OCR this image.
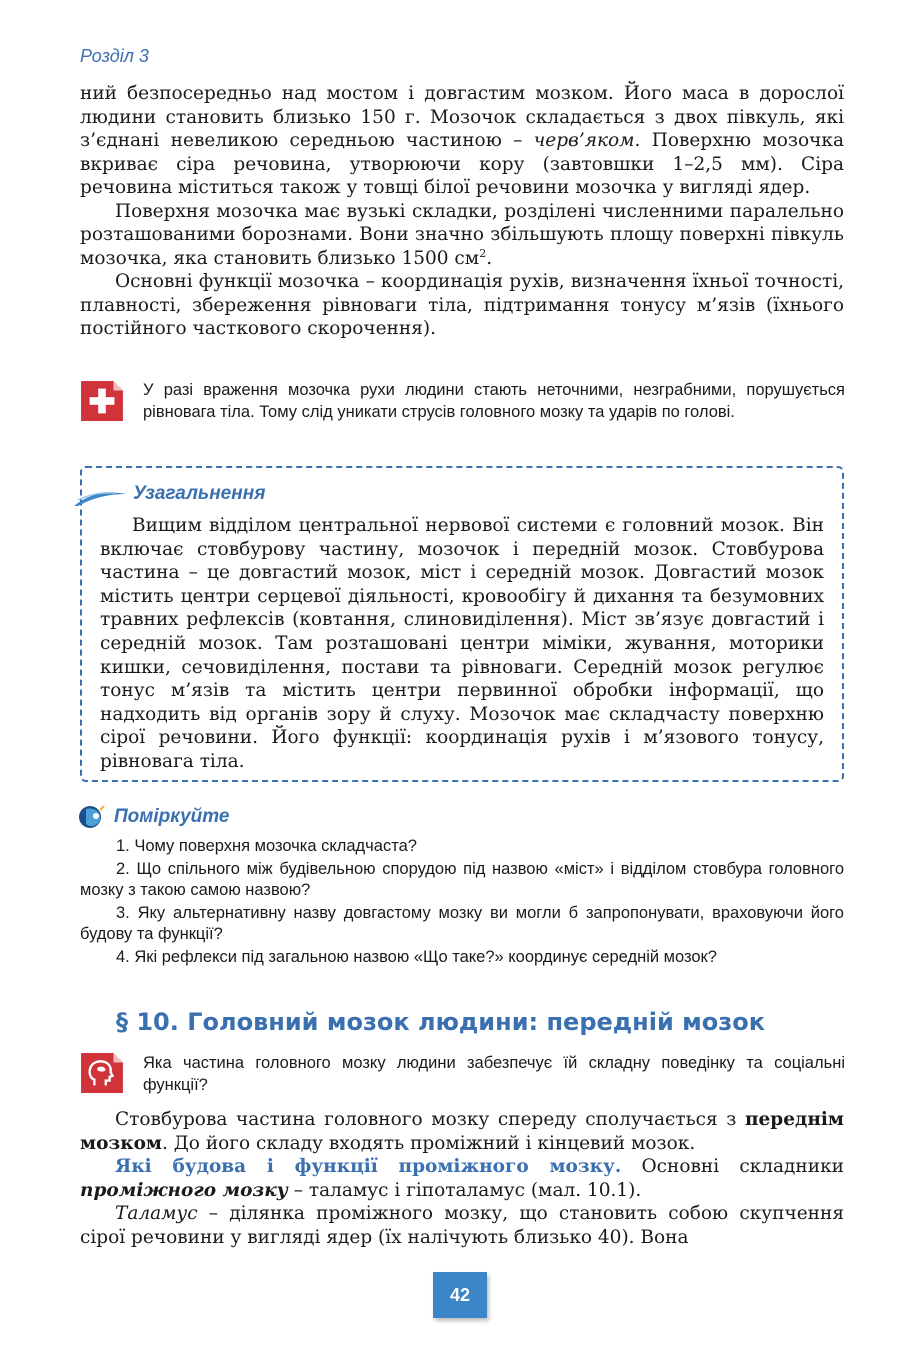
Розділ 3

ний безпосередньо над мостом і довгастим мозком. Його маса в дорослої людини становить близько 150 г. Мозочок складається з двох півкуль, які з’єднані невеликою середньою частиною – черв’яком. Поверхню мозочка вкриває сіра речовина, утворюючи кору (завтовшки 1–2,5 мм). Сіра речовина міститься також у товщі білої речовини мозочка у вигляді ядер.

Поверхня мозочка має вузькі складки, розділені численними паралельно розташованими борознами. Вони значно збільшують площу поверхні півкуль мозочка, яка становить близько 1500 $см^2$.

Основні функції мозочка – координація рухів, визначення їхньої точності, плавності, збереження рівноваги тіла, підтримання тонусу м’язів (їхнього постійного часткового скорочення).

У разі враження мозочка рухи людини стають неточними, незграбними, порушується рівновага тіла. Тому слід уникати струсів головного мозку та ударів по голові.
Узагальнення

Вищим відділом центральної нервової системи є головний мозок. Він включає стовбурову частину, мозочок і передній мозок. Стовбурова частина – це довгастий мозок, міст і середній мозок. Довгастий мозок містить центри серцевої діяльності, кровообігу й дихання та безумовних травних рефлексів (ковтання, слиновиділення). Міст зв’язує довгастий і середній мозок. Там розташовані центри міміки, жування, моторики кишки, сечовиділення, постави та рівноваги. Середній мозок регулює тонус м’язів та містить центри первинної обробки інформації, що надходить від органів зору й слуху. Мозочок має складчасту поверхню сірої речовини. Його функції: координація рухів і м’язового тонусу, рівновага тіла.

Поміркуйте

1. Чому поверхня мозочка складчаста?

2. Що спільного між будівельною спорудою під назвою «міст» і відділом стовбура головного мозку з такою самою назвою?

3. Яку альтернативну назву довгастому мозку ви могли б запропонувати, враховуючи його будову та функції?

4. Які рефлекси під загальною назвою «Що таке?» координує середній мозок?

§ 10. Головний мозок людини: передній мозок
Яка частина головного мозку людини забезпечує їй складну поведінку та соціальні функції?

Стовбурова частина головного мозку спереду сполучається з переднім мозком. До його складу входять проміжний і кінцевий мозок.

Які будова і функції проміжного мозку. Основні складники проміжного мозку – таламус і гіпоталамус (мал. 10.1).

Таламус – ділянка проміжного мозку, що становить собою скупчення сірої речовини у вигляді ядер (їх налічують близько 40). Вона

42
